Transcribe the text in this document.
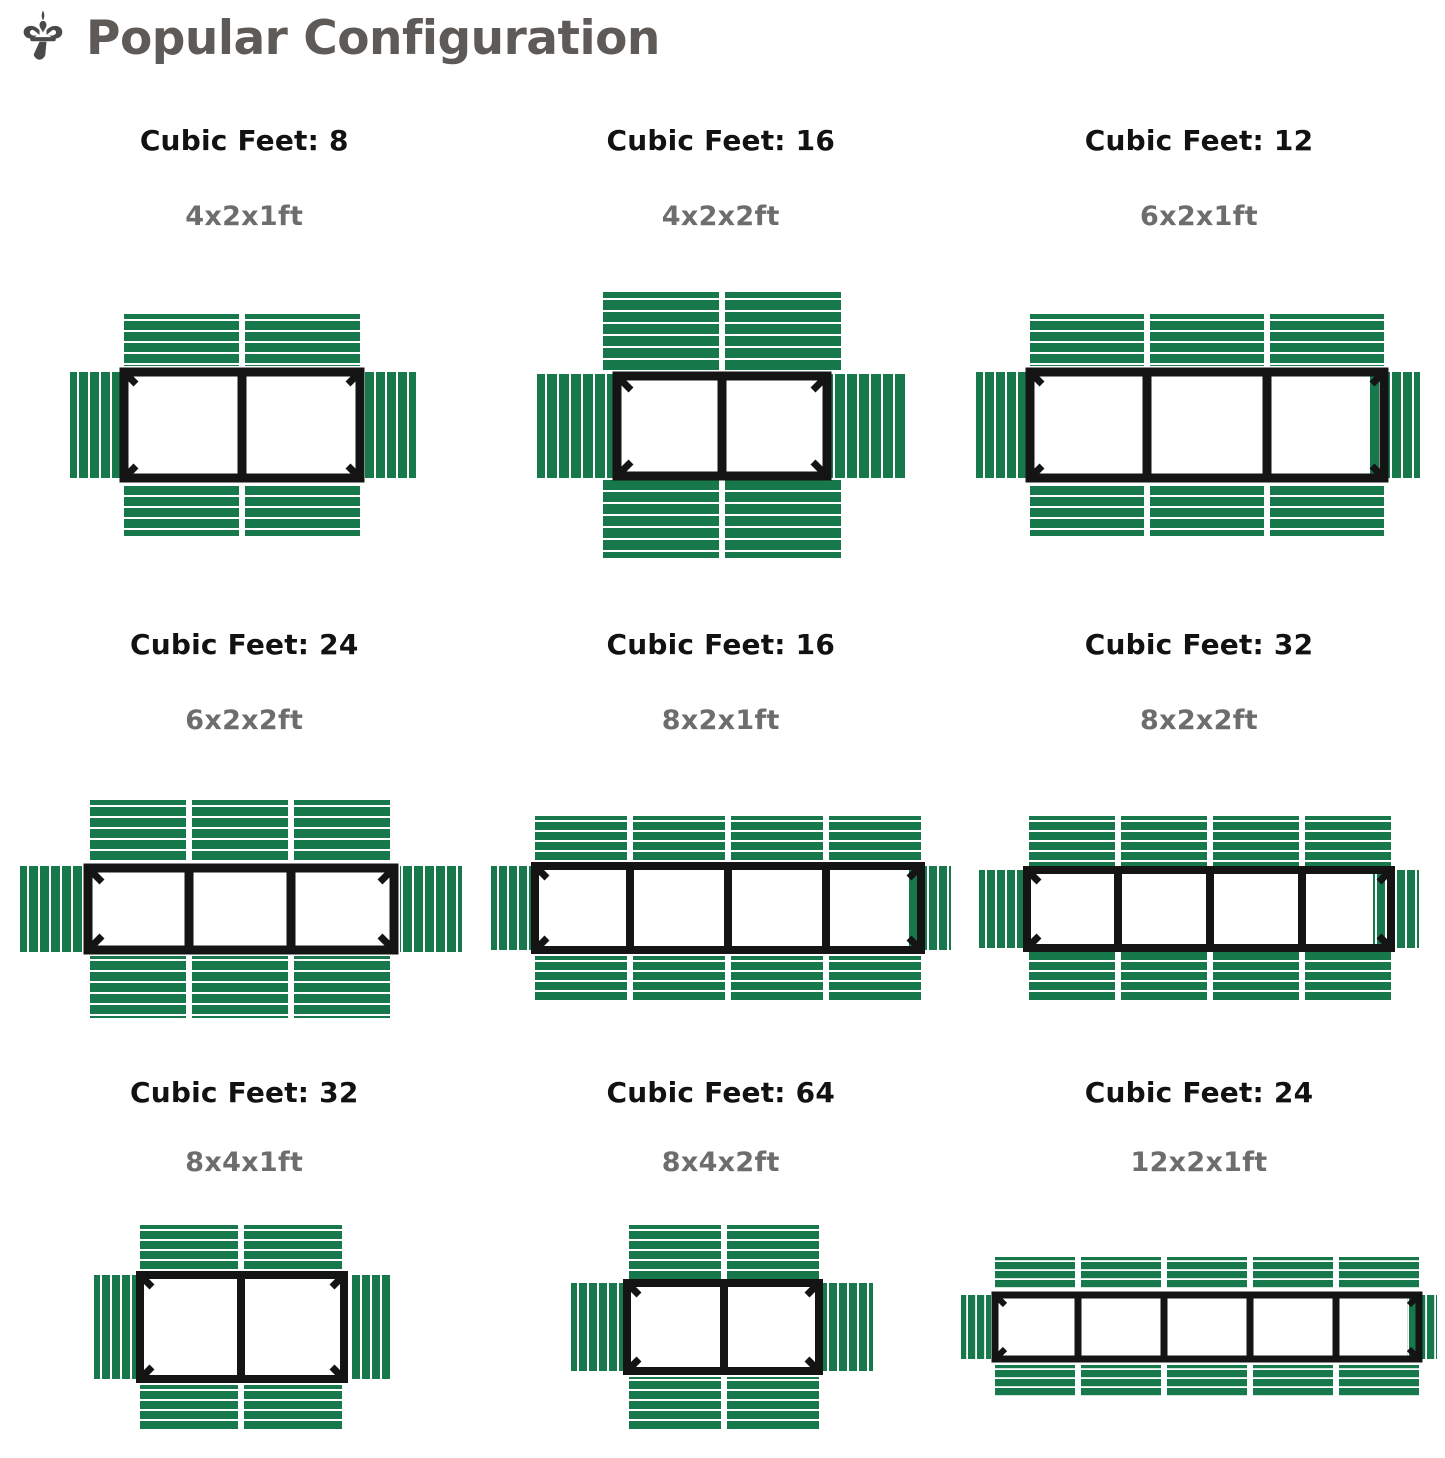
Popular Configuration
Cubic Feet: 8
4x2x1ft
Cubic Feet: 16
4x2x2ft
Cubic Feet: 12
6x2x1ft
Cubic Feet: 24
6x2x2ft
Cubic Feet: 16
8x2x1ft
Cubic Feet: 32
8x2x2ft
Cubic Feet: 32
8x4x1ft
Cubic Feet: 64
8x4x2ft
Cubic Feet: 24
12x2x1ft
